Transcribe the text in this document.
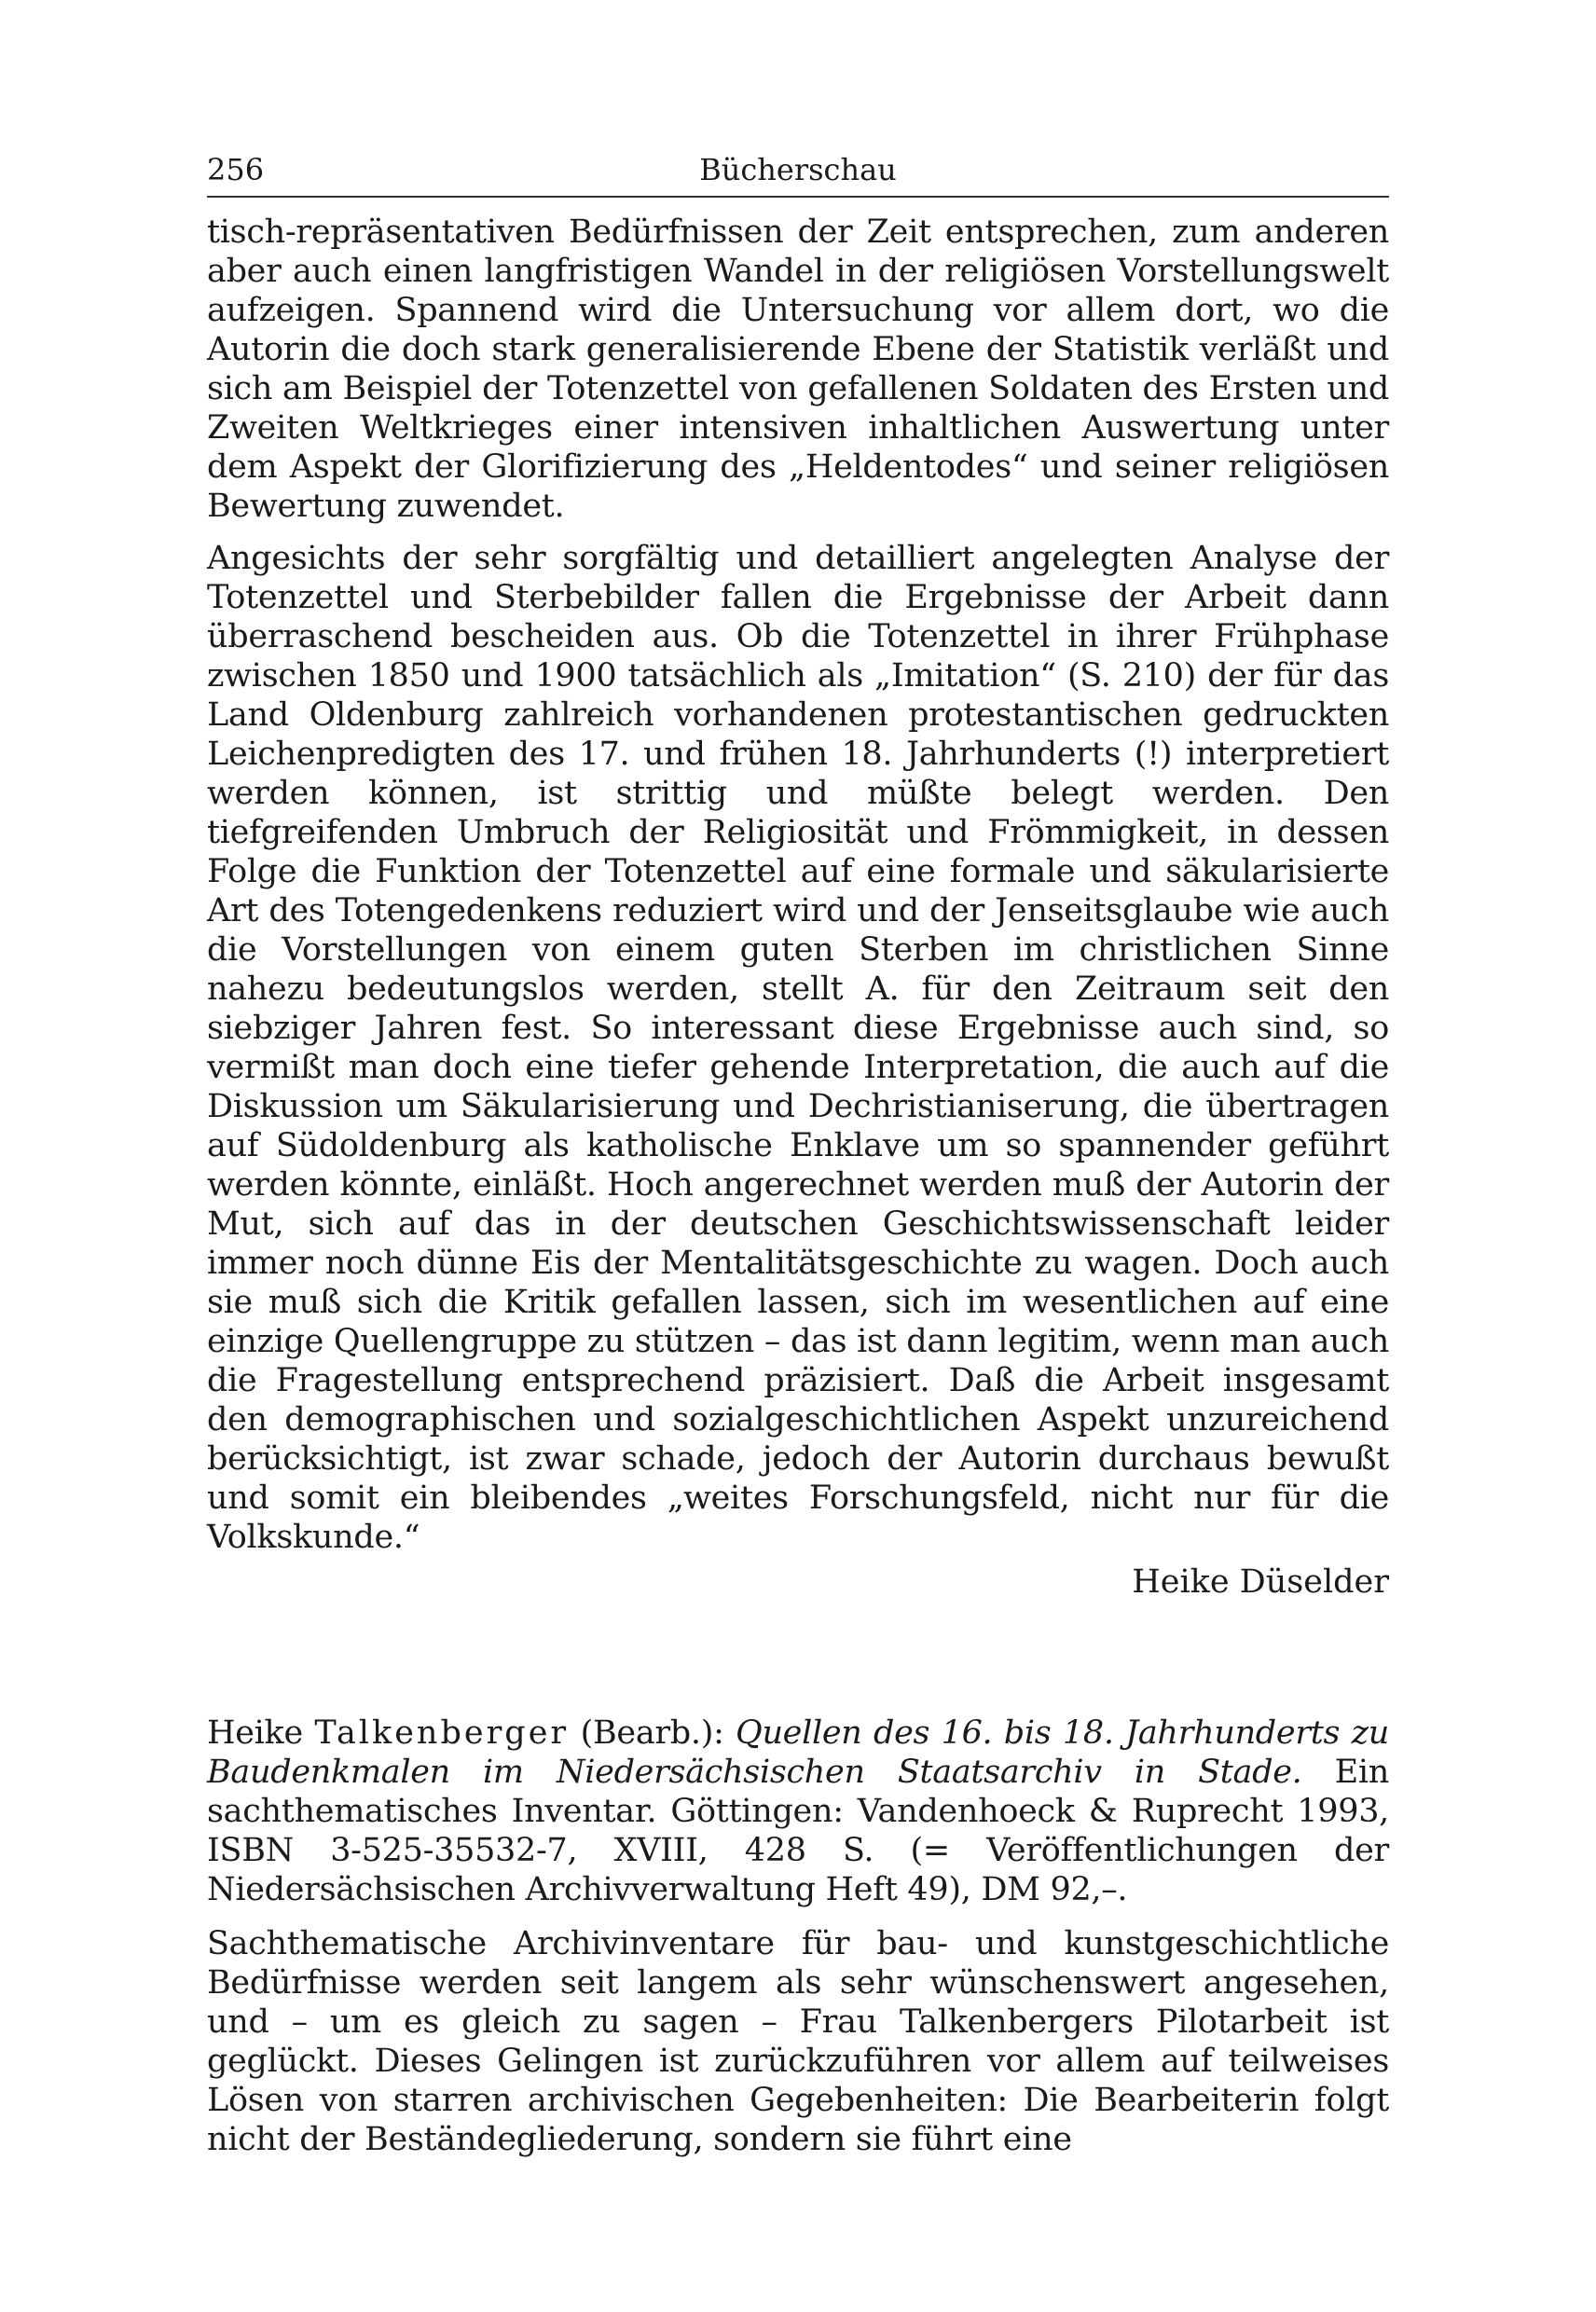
256	Bücherschau

tisch-repräsentativen Bedürfnissen der Zeit entsprechen, zum anderen aber auch einen langfristigen Wandel in der religiösen Vorstellungswelt aufzeigen. Spannend wird die Untersuchung vor allem dort, wo die Autorin die doch stark generalisierende Ebene der Statistik verläßt und sich am Beispiel der Totenzettel von gefallenen Soldaten des Ersten und Zweiten Weltkrieges einer intensiven inhaltlichen Auswertung unter dem Aspekt der Glorifizierung des „Heldentodes“ und seiner religiösen Bewertung zuwendet.

Angesichts der sehr sorgfältig und detailliert angelegten Analyse der Totenzettel und Sterbebilder fallen die Ergebnisse der Arbeit dann überraschend bescheiden aus. Ob die Totenzettel in ihrer Frühphase zwischen 1850 und 1900 tatsächlich als „Imitation“ (S. 210) der für das Land Oldenburg zahlreich vorhandenen protestantischen gedruckten Leichenpredigten des 17. und frühen 18. Jahrhunderts (!) interpretiert werden können, ist strittig und müßte belegt werden. Den tiefgreifenden Umbruch der Religiosität und Frömmigkeit, in dessen Folge die Funktion der Totenzettel auf eine formale und säkularisierte Art des Totengedenkens reduziert wird und der Jenseitsglaube wie auch die Vorstellungen von einem guten Sterben im christlichen Sinne nahezu bedeutungslos werden, stellt A. für den Zeitraum seit den siebziger Jahren fest. So interessant diese Ergebnisse auch sind, so vermißt man doch eine tiefer gehende Interpretation, die auch auf die Diskussion um Säkularisierung und Dechristianiserung, die übertragen auf Südoldenburg als katholische Enklave um so spannender geführt werden könnte, einläßt. Hoch angerechnet werden muß der Autorin der Mut, sich auf das in der deutschen Geschichtswissenschaft leider immer noch dünne Eis der Mentalitätsgeschichte zu wagen. Doch auch sie muß sich die Kritik gefallen lassen, sich im wesentlichen auf eine einzige Quellengruppe zu stützen – das ist dann legitim, wenn man auch die Fragestellung entsprechend präzisiert. Daß die Arbeit insgesamt den demographischen und sozialgeschichtlichen Aspekt unzureichend berücksichtigt, ist zwar schade, jedoch der Autorin durchaus bewußt und somit ein bleibendes „weites Forschungsfeld, nicht nur für die Volkskunde.“

Heike Düselder

Heike Talkenberger (Bearb.): Quellen des 16. bis 18. Jahrhunderts zu Baudenkmalen im Niedersächsischen Staatsarchiv in Stade. Ein sachthematisches Inventar. Göttingen: Vandenhoeck & Ruprecht 1993, ISBN 3-525-35532-7, XVIII, 428 S. (= Veröffentlichungen der Niedersächsischen Archivverwaltung Heft 49), DM 92,–.

Sachthematische Archivinventare für bau- und kunstgeschichtliche Bedürfnisse werden seit langem als sehr wünschenswert angesehen, und – um es gleich zu sagen – Frau Talkenbergers Pilotarbeit ist geglückt. Dieses Gelingen ist zurückzuführen vor allem auf teilweises Lösen von starren archivischen Gegebenheiten: Die Bearbeiterin folgt nicht der Beständegliederung, sondern sie führt eine
